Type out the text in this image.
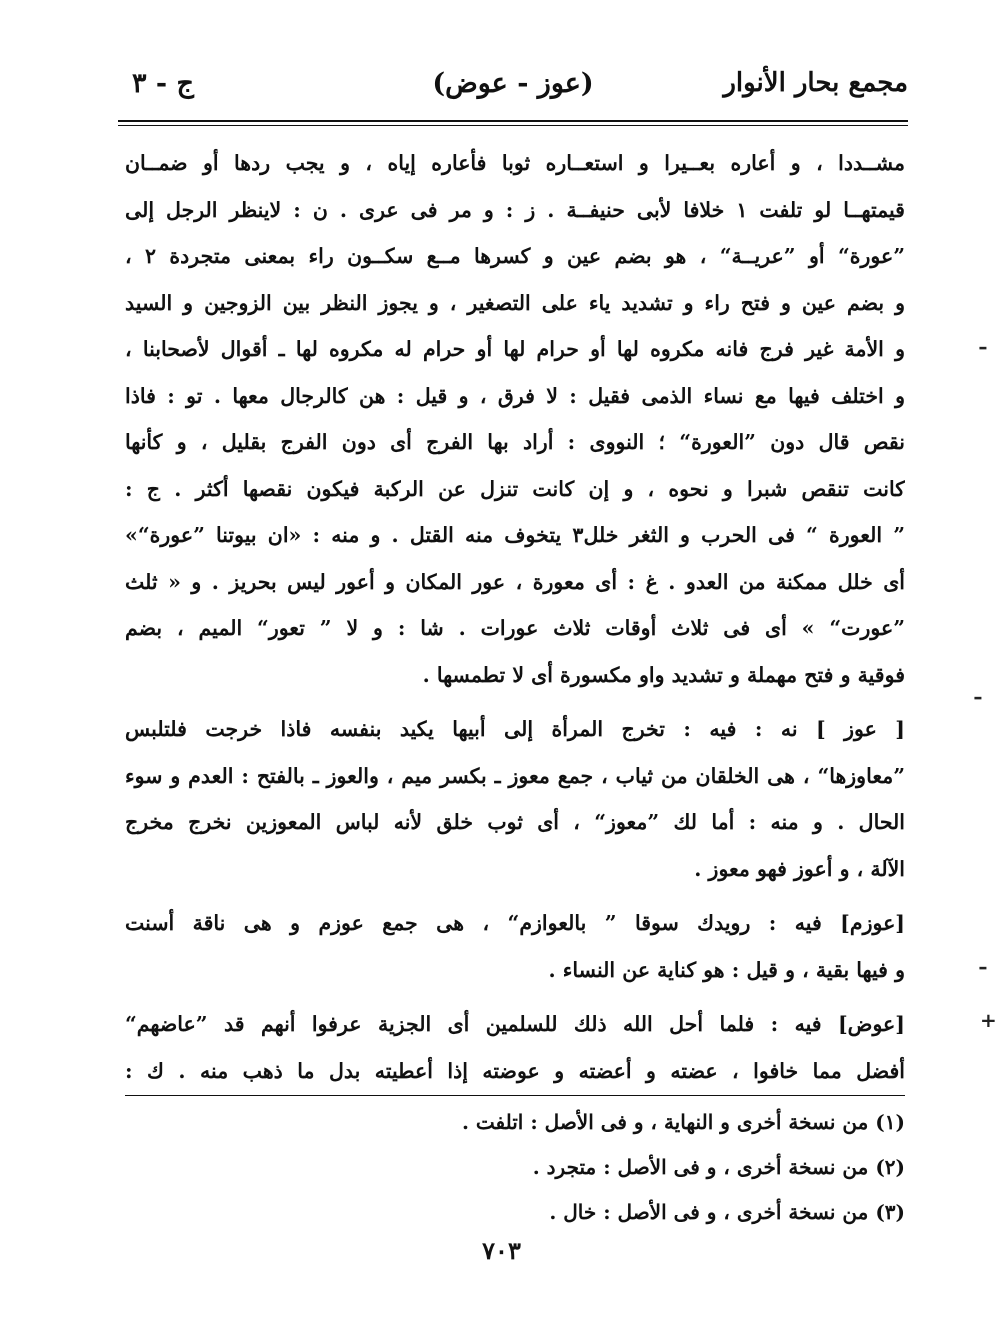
مجمع بحار الأنوار
(عوز - عوض)
ج - ٣
مشــددا ، و أعاره بعــيرا و استعــاره ثوبا فأعاره إياه ، و يجب ردها أو ضمــان
قيمتهــا لو تلفت ١ خلافا لأبى حنيفــة . ز : و مر فى عرى . ن : لاينظر الرجل إلى
”عورة“ أو ”عريــة“ ، هو بضم عين و كسرها مــع سكــون راء بمعنى متجردة ٢ ،
و بضم عين و فتح راء و تشديد ياء على التصغير ، و يجوز النظر بين الزوجين و السيد
و الأمة غير فرج فانه مكروه لها أو حرام لها أو حرام له مكروه لها ـ أقوال لأصحابنا ،
و اختلف فيها مع نساء الذمى فقيل : لا فرق ، و قيل : هن كالرجال معها . تو : فاذا
نقص قال دون ”العورة“ ؛ النووى : أراد بها الفرج أى دون الفرج بقليل ، و كأنها
كانت تنقص شبرا و نحوه ، و إن كانت تنزل عن الركبة فيكون نقصها أكثر . ج :
” العورة “ فى الحرب و الثغر خلل٣ يتخوف منه القتل . و منه : «ان بيوتنا ”عورة“»
أى خلل ممكنة من العدو . غ : أى معورة ، عور المكان و أعور ليس بحريز . و « ثلث
”عورت“ » أى فى ثلاث أوقات ثلاث عورات . شا : و لا ” تعور“ الميم ، بضم
فوقية و فتح مهملة و تشديد واو مكسورة أى لا تطمسها .
[ عوز ] نه : فيه : تخرج المرأة إلى أبيها يكيد بنفسه فاذا خرجت فلتلبس
”معاوزها“ ، هى الخلقان من ثياب ، جمع معوز ـ بكسر ميم ، والعوز ـ بالفتح : العدم و سوء
الحال . و منه : أما لك ”معوز“ ، أى ثوب خلق لأنه لباس المعوزين نخرج مخرج
الآلة ، و أعوز فهو معوز .
[عوزم] فيه : رويدك سوقا ” بالعوازم“ ، هى جمع عوزم و هى ناقة أسنت
و فيها بقية ، و قيل : هو كناية عن النساء .
[عوض] فيه : فلما أحل الله ذلك للسلمين أى الجزية عرفوا أنهم قد ”عاضهم“
أفضل مما خافوا ، عضته و أعضته و عوضته إذا أعطيته بدل ما ذهب منه . ك :
(١) من نسخة أخرى و النهاية ، و فى الأصل : اتلفت .
(٢) من نسخة أخرى ، و فى الأصل : متجرد .
(٣) من نسخة أخرى ، و فى الأصل : خال .
٧٠٣
ـ
ـ
ـ
+
